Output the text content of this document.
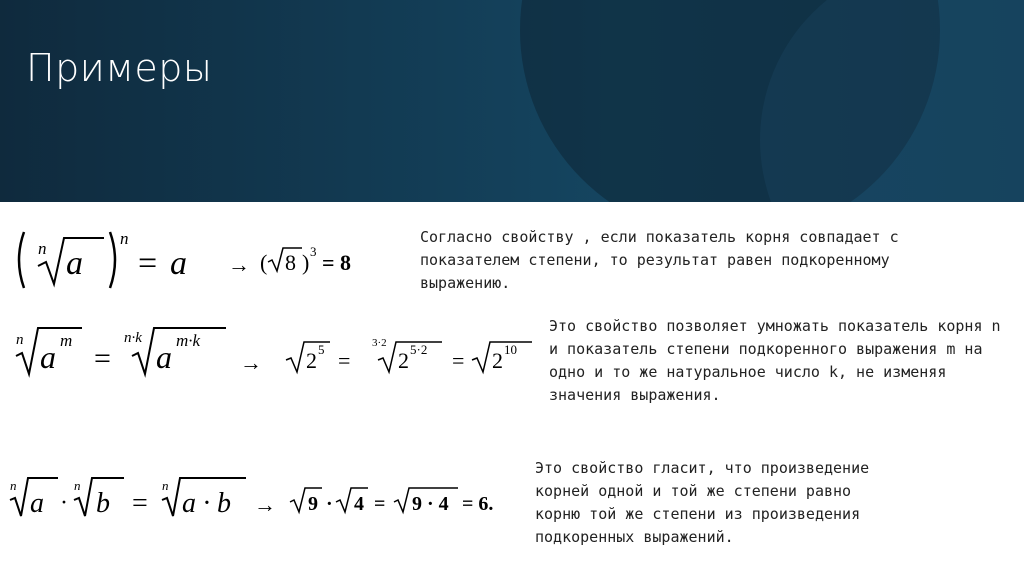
Примеры
n a
n
= a → ( 8 ) 3 = 8

Согласно свойству , если показатель корня совпадает с показателем степени, то результат равен подкоренному выражению.

n a m
=
n·k
a m·k
→ 2 5 =
3·2
2 5·2 = 2 10

Это свойство позволяет умножать показатель корня n и показатель степени подкоренного выражения m на одно и то же натуральное число k, не изменяя значения выражения.

n
a ·
n
b =
n
a · b → 9 · 4 = 9 · 4 = 6.

Это свойство гласит, что произведение корней одной и той же степени равно корню той же степени из произведения подкоренных выражений.
